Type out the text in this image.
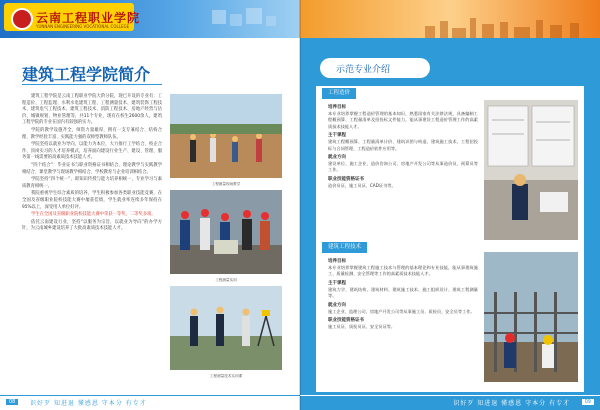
云南工程职业学院
YUNNAN ENGINEERING VOCATIONAL COLLEGE
建筑工程学院简介

建筑工程学院是云南工程职业学院大阶分院，现已开设的专业有：工程造价、工程监理、水利水电建筑工程、工程测量技术、建筑装饰工程技术、建筑电气工程技术、建筑工程技术、消防工程技术、房地产经营与估价、城镇规划、物业管理等，共11个专业，现有在校生2600余人。建筑工程学院的专业在国内有较强的实力。

学院的教学设施齐全，师资力量雄厚，拥有一支专兼结合、结构合理、教学经验丰富、实践能力强的双师型教师队伍。

学院坚持以就业为导向，以能力为本位，大力推行工学结合、校企合作、顶岗实习的人才培养模式，培养面向建设行业生产、建设、管理、服务第一线需要的高素质技术技能人才。

“四个结合”：毕业证书与职业资格证书相结合、理论教学与实践教学相结合、课堂教学与现场教学相结合、学校教育与企业培训相结合。

学院坚持“四个统一”，即知识传授与能力培养相统一，专业学习与素质教育相统一。

我院重视学生综合素质的培养，学生积极参加各类职业技能竞赛，在全国及省级职业院校技能大赛中屡获佳绩，学生就业率连续多年保持在95%以上，深受用人单位好评。

学生在全国及省级职业院校技能大赛中荣获一等奖、二等奖多项。

依托云南建设行业，坚持“以服务为宗旨，以就业为导向”的办学方针，为云南城乡建设培养了大批高素质技术技能人才。

工程测量现场教学
工程测量实训
工程测量技术实训课
08	识好歹 知进退 懂感恩 守本分 有专才
示范专业介绍
工程造价
培养目标

本专业培养掌握工程造价管理的基本知识，熟悉国家有关法律法规，具备编制工程概预算、工程量清单及招投标文件能力，能从事建设工程造价管理工作的高素质技术技能人才。

主干课程

建筑工程概预算、工程量清单计价、建筑识图与构造、建筑施工技术、工程招投标与合同管理、工程造价软件应用等。

就业方向

建设单位、施工企业、造价咨询公司、房地产开发公司等从事造价员、预算员等工作。

职业技能资格证书

造价员证、施工员证、CAD证书等。

建筑工程技术
培养目标

本专业培养掌握建筑工程施工技术与管理的基本理论和专业技能，能从事建筑施工、质量检测、安全管理等工作的高素质技术技能人才。

主干课程

建筑力学、建筑结构、建筑材料、建筑施工技术、施工组织设计、建筑工程测量等。

就业方向

施工企业、监理公司、房地产开发公司等从事施工员、质检员、安全员等工作。

职业技能资格证书

施工员证、质检员证、安全员证等。

识好歹 知进退 懂感恩 守本分 有专才	09
